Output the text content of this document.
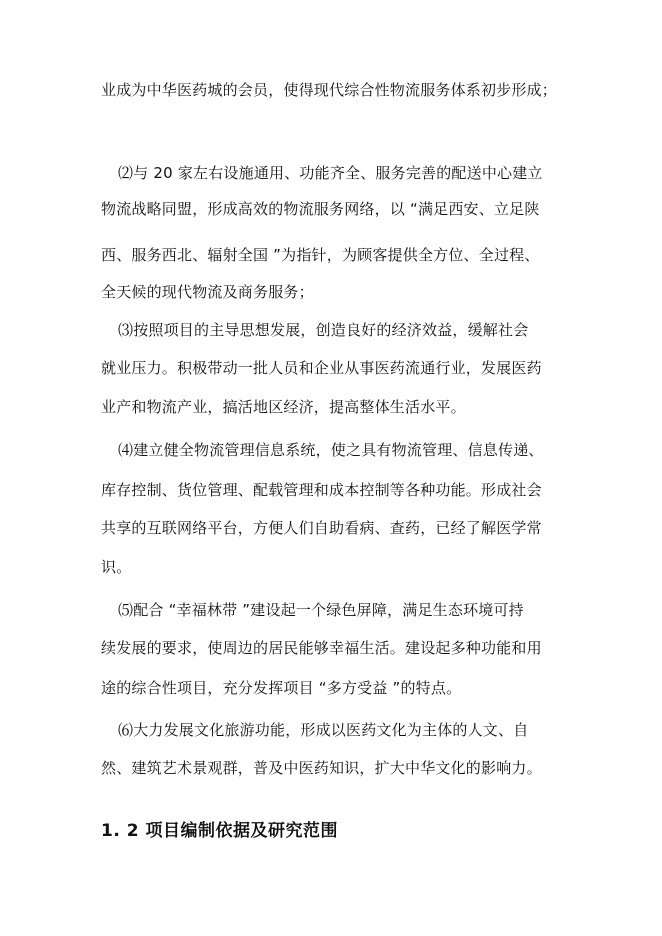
业成为中华医药城的会员，使得现代综合性物流服务体系初步形成；
⑵与 20 家左右设施通用、功能齐全、服务完善的配送中心建立
物流战略同盟，形成高效的物流服务网络，以 “满足西安、立足陕
西、服务西北、辐射全国 ”为指针，为顾客提供全方位、全过程、
全天候的现代物流及商务服务；
⑶按照项目的主导思想发展，创造良好的经济效益，缓解社会
就业压力。积极带动一批人员和企业从事医药流通行业，发展医药
业产和物流产业，搞活地区经济，提高整体生活水平。
⑷建立健全物流管理信息系统，使之具有物流管理、信息传递、
库存控制、货位管理、配载管理和成本控制等各种功能。形成社会
共享的互联网络平台，方便人们自助看病、查药，已经了解医学常
识。
⑸配合 “幸福林带 ”建设起一个绿色屏障，满足生态环境可持
续发展的要求，使周边的居民能够幸福生活。建设起多种功能和用
途的综合性项目，充分发挥项目 “多方受益 ”的特点。
⑹大力发展文化旅游功能，形成以医药文化为主体的人文、自
然、建筑艺术景观群，普及中医药知识，扩大中华文化的影响力。
1. 2 项目编制依据及研究范围
